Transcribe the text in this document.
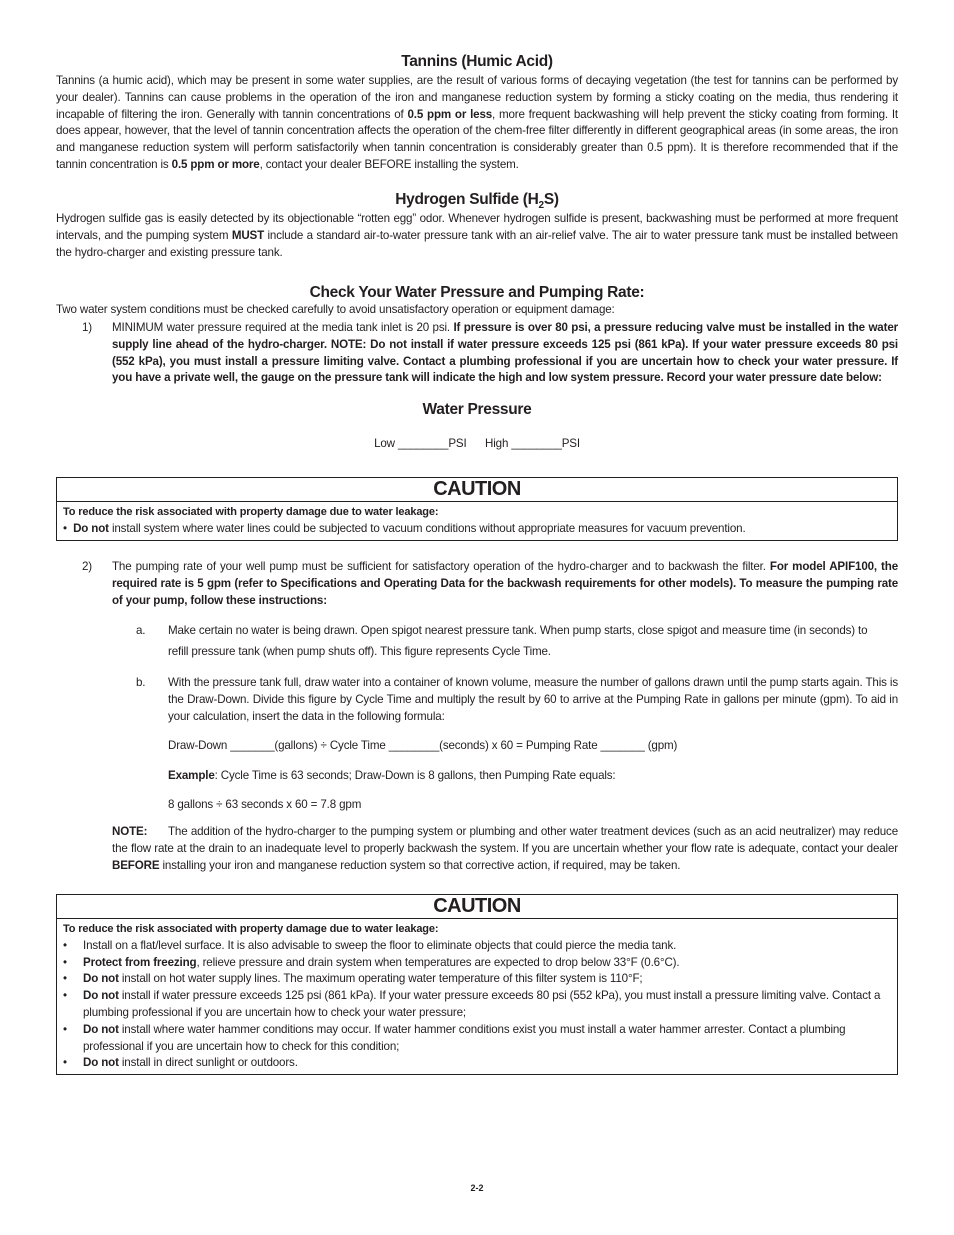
Tannins (Humic Acid)

Tannins (a humic acid), which may be present in some water supplies, are the result of various forms of decaying vegetation (the test for tannins can be performed by your dealer). Tannins can cause problems in the operation of the iron and manganese reduction system by forming a sticky coating on the media, thus rendering it incapable of filtering the iron. Generally with tannin concentrations of 0.5 ppm or less, more frequent backwashing will help prevent the sticky coating from forming. It does appear, however, that the level of tannin concentration affects the operation of the chem-free filter differently in different geographical areas (in some areas, the iron and manganese reduction system will perform satisfactorily when tannin concentration is considerably greater than 0.5 ppm). It is therefore recommended that if the tannin concentration is 0.5 ppm or more, contact your dealer BEFORE installing the system.

Hydrogen Sulfide $(H_2S)$

Hydrogen sulfide gas is easily detected by its objectionable “rotten egg” odor. Whenever hydrogen sulfide is present, backwashing must be performed at more frequent intervals, and the pumping system MUST include a standard air-to-water pressure tank with an air-relief valve. The air to water pressure tank must be installed between the hydro-charger and existing pressure tank.

Check Your Water Pressure and Pumping Rate:

Two water system conditions must be checked carefully to avoid unsatisfactory operation or equipment damage:

1) MINIMUM water pressure required at the media tank inlet is 20 psi. If pressure is over 80 psi, a pressure reducing valve must be installed in the water supply line ahead of the hydro-charger. NOTE: Do not install if water pressure exceeds 125 psi (861 kPa). If your water pressure exceeds 80 psi (552 kPa), you must install a pressure limiting valve. Contact a plumbing professional if you are uncertain how to check your water pressure. If you have a private well, the gauge on the pressure tank will indicate the high and low system pressure. Record your water pressure date below:

Water Pressure
Low ________PSI      High ________PSI
CAUTION
To reduce the risk associated with property damage due to water leakage:
• Do not install system where water lines could be subjected to vacuum conditions without appropriate measures for vacuum prevention.
2) The pumping rate of your well pump must be sufficient for satisfactory operation of the hydro-charger and to backwash the filter. For model APIF100, the required rate is 5 gpm (refer to Specifications and Operating Data for the backwash requirements for other models). To measure the pumping rate of your pump, follow these instructions:

a. Make certain no water is being drawn. Open spigot nearest pressure tank. When pump starts, close spigot and measure time (in seconds) to

refill pressure tank (when pump shuts off). This figure represents Cycle Time.

b. With the pressure tank full, draw water into a container of known volume, measure the number of gallons drawn until the pump starts again. This is the Draw-Down. Divide this figure by Cycle Time and multiply the result by 60 to arrive at the Pumping Rate in gallons per minute (gpm). To aid in your calculation, insert the data in the following formula:

Draw-Down _______(gallons) ÷ Cycle Time ________(seconds) x 60 = Pumping Rate _______ (gpm)

Example: Cycle Time is 63 seconds; Draw-Down is 8 gallons, then Pumping Rate equals:

8 gallons ÷ 63 seconds x 60 = 7.8 gpm

NOTE: The addition of the hydro-charger to the pumping system or plumbing and other water treatment devices (such as an acid neutralizer) may reduce the flow rate at the drain to an inadequate level to properly backwash the system. If you are uncertain whether your flow rate is adequate, contact your dealer BEFORE installing your iron and manganese reduction system so that corrective action, if required, may be taken.

CAUTION
To reduce the risk associated with property damage due to water leakage:
• Install on a flat/level surface. It is also advisable to sweep the floor to eliminate objects that could pierce the media tank.
• Protect from freezing, relieve pressure and drain system when temperatures are expected to drop below 33°F (0.6°C).
• Do not install on hot water supply lines. The maximum operating water temperature of this filter system is 110°F;
• Do not install if water pressure exceeds 125 psi (861 kPa). If your water pressure exceeds 80 psi (552 kPa), you must install a pressure limiting valve. Contact a plumbing professional if you are uncertain how to check your water pressure;
• Do not install where water hammer conditions may occur. If water hammer conditions exist you must install a water hammer arrester. Contact a plumbing professional if you are uncertain how to check for this condition;
• Do not install in direct sunlight or outdoors.
2-2
